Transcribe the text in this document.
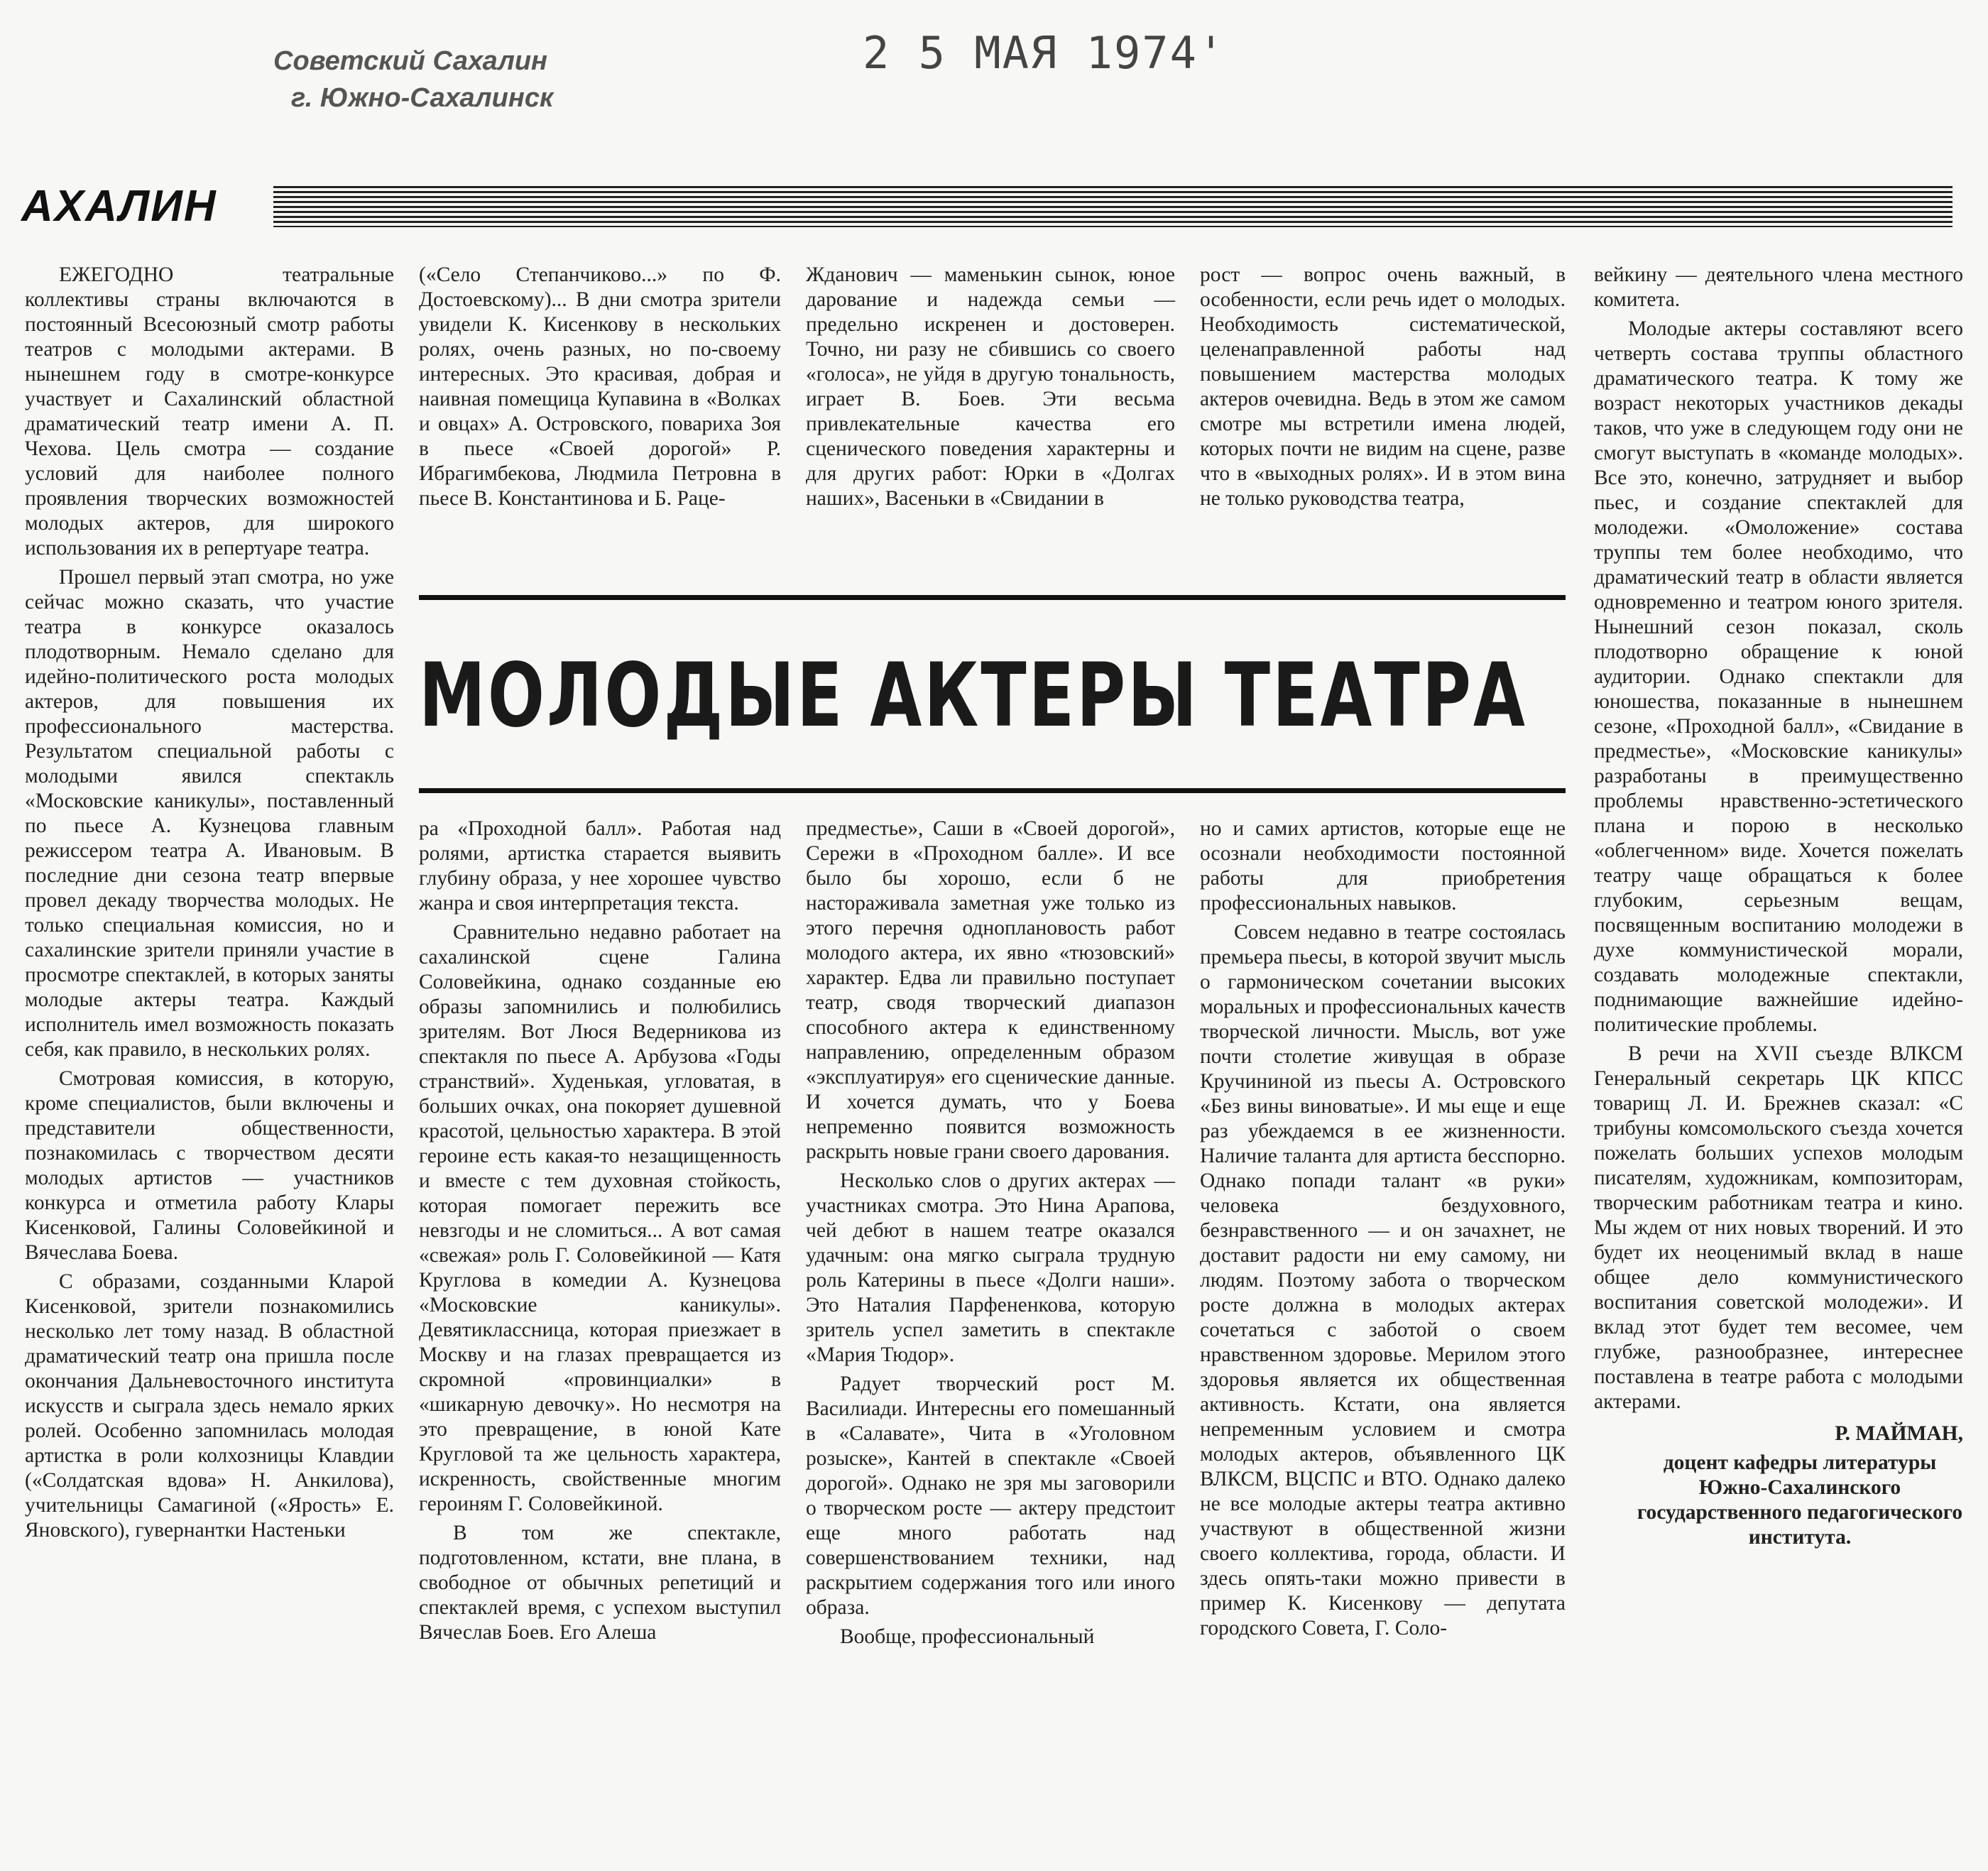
Советский Сахалин
г. Южно-Сахалинск
2 5 МАЯ 1974'
АХАЛИН

ЕЖЕГОДНО театральные коллективы страны включаются в постоянный Всесоюзный смотр работы театров с молодыми актерами. В нынешнем году в смотре-конкурсе участвует и Сахалинский областной драматический театр имени А. П. Чехова. Цель смотра — создание условий для наиболее полного проявления творческих возможностей молодых актеров, для широкого использования их в репертуаре театра.

Прошел первый этап смотра, но уже сейчас можно сказать, что участие театра в конкурсе оказалось плодотворным. Немало сделано для идейно-политического роста молодых актеров, для повышения их профессионального мастерства. Результатом специальной работы с молодыми явился спектакль «Московские каникулы», поставленный по пьесе А. Кузнецова главным режиссером театра А. Ивановым. В последние дни сезона театр впервые провел декаду творчества молодых. Не только специальная комиссия, но и сахалинские зрители приняли участие в просмотре спектаклей, в которых заняты молодые актеры театра. Каждый исполнитель имел возможность показать себя, как правило, в нескольких ролях.

Смотровая комиссия, в которую, кроме специалистов, были включены и представители общественности, познакомилась с творчеством десяти молодых артистов — участников конкурса и отметила работу Клары Кисенковой, Галины Соловейкиной и Вячеслава Боева.

С образами, созданными Кларой Кисенковой, зрители познакомились несколько лет тому назад. В областной драматический театр она пришла после окончания Дальневосточного института искусств и сыграла здесь немало ярких ролей. Особенно запомнилась молодая артистка в роли колхозницы Клавдии («Солдатская вдова» Н. Анкилова), учительницы Самагиной («Ярость» Е. Яновского), гувернантки Настеньки

(«Село Степанчиково...» по Ф. Достоевскому)... В дни смотра зрители увидели К. Кисенкову в нескольких ролях, очень разных, но по-своему интересных. Это красивая, добрая и наивная помещица Купавина в «Волках и овцах» А. Островского, повариха Зоя в пьесе «Своей дорогой» Р. Ибрагимбекова, Людмила Петровна в пьесе В. Константинова и Б. Раце-

Жданович — маменькин сынок, юное дарование и надежда семьи — предельно искренен и достоверен. Точно, ни разу не сбившись со своего «голоса», не уйдя в другую тональность, играет В. Боев. Эти весьма привлекательные качества его сценического поведения характерны и для других работ: Юрки в «Долгах наших», Васеньки в «Свидании в

рост — вопрос очень важный, в особенности, если речь идет о молодых. Необходимость систематической, целенаправленной работы над повышением мастерства молодых актеров очевидна. Ведь в этом же самом смотре мы встретили имена людей, которых почти не видим на сцене, разве что в «выходных ролях». И в этом вина не только руководства театра,

МОЛОДЫЕ АКТЕРЫ ТЕАТРА

ра «Проходной балл». Работая над ролями, артистка старается выявить глубину образа, у нее хорошее чувство жанра и своя интерпретация текста.

Сравнительно недавно работает на сахалинской сцене Галина Соловейкина, однако созданные ею образы запомнились и полюбились зрителям. Вот Люся Ведерникова из спектакля по пьесе А. Арбузова «Годы странствий». Худенькая, угловатая, в больших очках, она покоряет душевной красотой, цельностью характера. В этой героине есть какая-то незащищенность и вместе с тем духовная стойкость, которая помогает пережить все невзгоды и не сломиться... А вот самая «свежая» роль Г. Соловейкиной — Катя Круглова в комедии А. Кузнецова «Московские каникулы». Девятиклассница, которая приезжает в Москву и на глазах превращается из скромной «провинциалки» в «шикарную девочку». Но несмотря на это превращение, в юной Кате Кругловой та же цельность характера, искренность, свойственные многим героиням Г. Соловейкиной.

В том же спектакле, подготовленном, кстати, вне плана, в свободное от обычных репетиций и спектаклей время, с успехом выступил Вячеслав Боев. Его Алеша

предместье», Саши в «Своей дорогой», Сережи в «Проходном балле». И все было бы хорошо, если б не настораживала заметная уже только из этого перечня одноплановость работ молодого актера, их явно «тюзовский» характер. Едва ли правильно поступает театр, сводя творческий диапазон способного актера к единственному направлению, определенным образом «эксплуатируя» его сценические данные. И хочется думать, что у Боева непременно появится возможность раскрыть новые грани своего дарования.

Несколько слов о других актерах — участниках смотра. Это Нина Арапова, чей дебют в нашем театре оказался удачным: она мягко сыграла трудную роль Катерины в пьесе «Долги наши». Это Наталия Парфененкова, которую зритель успел заметить в спектакле «Мария Тюдор».

Радует творческий рост М. Василиади. Интересны его помешанный в «Салавате», Чита в «Уголовном розыске», Кантей в спектакле «Своей дорогой». Однако не зря мы заговорили о творческом росте — актеру предстоит еще много работать над совершенствованием техники, над раскрытием содержания того или иного образа.

Вообще, профессиональный

но и самих артистов, которые еще не осознали необходимости постоянной работы для приобретения профессиональных навыков.

Совсем недавно в театре состоялась премьера пьесы, в которой звучит мысль о гармоническом сочетании высоких моральных и профессиональных качеств творческой личности. Мысль, вот уже почти столетие живущая в образе Кручининой из пьесы А. Островского «Без вины виноватые». И мы еще и еще раз убеждаемся в ее жизненности. Наличие таланта для артиста бесспорно. Однако попади талант «в руки» человека бездуховного, безнравственного — и он зачахнет, не доставит радости ни ему самому, ни людям. Поэтому забота о творческом росте должна в молодых актерах сочетаться с заботой о своем нравственном здоровье. Мерилом этого здоровья является их общественная активность. Кстати, она является непременным условием и смотра молодых актеров, объявленного ЦК ВЛКСМ, ВЦСПС и ВТО. Однако далеко не все молодые актеры театра активно участвуют в общественной жизни своего коллектива, города, области. И здесь опять-таки можно привести в пример К. Кисенкову — депутата городского Совета, Г. Соло-

вейкину — деятельного члена местного комитета.

Молодые актеры составляют всего четверть состава труппы областного драматического театра. К тому же возраст некоторых участников декады таков, что уже в следующем году они не смогут выступать в «команде молодых». Все это, конечно, затрудняет и выбор пьес, и создание спектаклей для молодежи. «Омоложение» состава труппы тем более необходимо, что драматический театр в области является одновременно и театром юного зрителя. Нынешний сезон показал, сколь плодотворно обращение к юной аудитории. Однако спектакли для юношества, показанные в нынешнем сезоне, «Проходной балл», «Свидание в предместье», «Московские каникулы» разработаны в преимущественно проблемы нравственно-эстетического плана и порою в несколько «облегченном» виде. Хочется пожелать театру чаще обращаться к более глубоким, серьезным вещам, посвященным воспитанию молодежи в духе коммунистической морали, создавать молодежные спектакли, поднимающие важнейшие идейно-политические проблемы.

В речи на XVII съезде ВЛКСМ Генеральный секретарь ЦК КПСС товарищ Л. И. Брежнев сказал: «С трибуны комсомольского съезда хочется пожелать больших успехов молодым писателям, художникам, композиторам, творческим работникам театра и кино. Мы ждем от них новых творений. И это будет их неоценимый вклад в наше общее дело коммунистического воспитания советской молодежи». И вклад этот будет тем весомее, чем глубже, разнообразнее, интереснее поставлена в театре работа с молодыми актерами.

Р. МАЙМАН,

доцент кафедры литературы Южно-Сахалинского государственного педагогического института.
